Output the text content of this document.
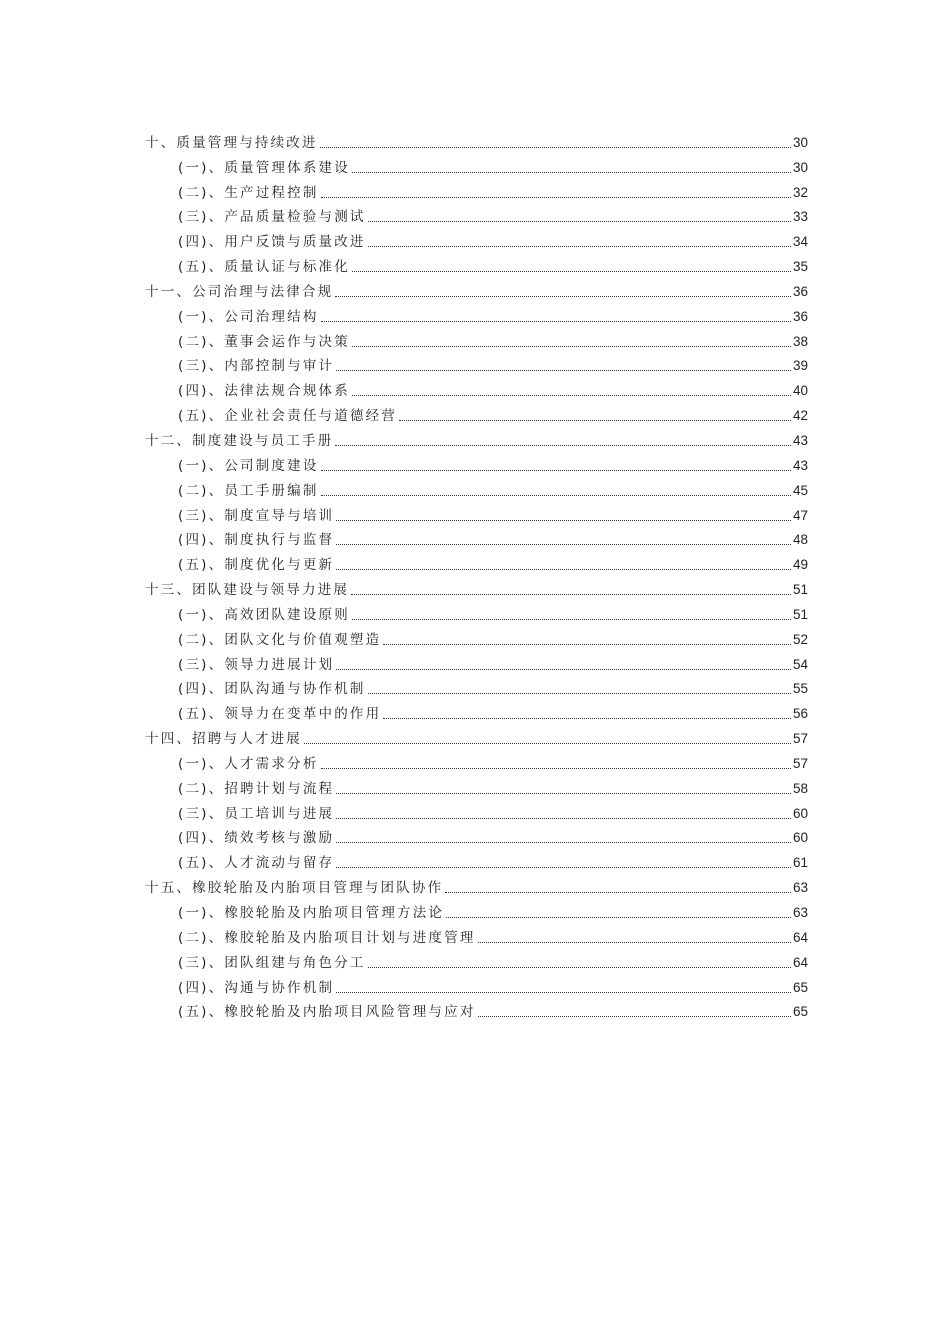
十、质量管理与持续改进	30
(一)、质量管理体系建设	30
(二)、生产过程控制	32
(三)、产品质量检验与测试	33
(四)、用户反馈与质量改进	34
(五)、质量认证与标准化	35
十一、公司治理与法律合规	36
(一)、公司治理结构	36
(二)、董事会运作与决策	38
(三)、内部控制与审计	39
(四)、法律法规合规体系	40
(五)、企业社会责任与道德经营	42
十二、制度建设与员工手册	43
(一)、公司制度建设	43
(二)、员工手册编制	45
(三)、制度宣导与培训	47
(四)、制度执行与监督	48
(五)、制度优化与更新	49
十三、团队建设与领导力进展	51
(一)、高效团队建设原则	51
(二)、团队文化与价值观塑造	52
(三)、领导力进展计划	54
(四)、团队沟通与协作机制	55
(五)、领导力在变革中的作用	56
十四、招聘与人才进展	57
(一)、人才需求分析	57
(二)、招聘计划与流程	58
(三)、员工培训与进展	60
(四)、绩效考核与激励	60
(五)、人才流动与留存	61
十五、橡胶轮胎及内胎项目管理与团队协作	63
(一)、橡胶轮胎及内胎项目管理方法论	63
(二)、橡胶轮胎及内胎项目计划与进度管理	64
(三)、团队组建与角色分工	64
(四)、沟通与协作机制	65
(五)、橡胶轮胎及内胎项目风险管理与应对	65
